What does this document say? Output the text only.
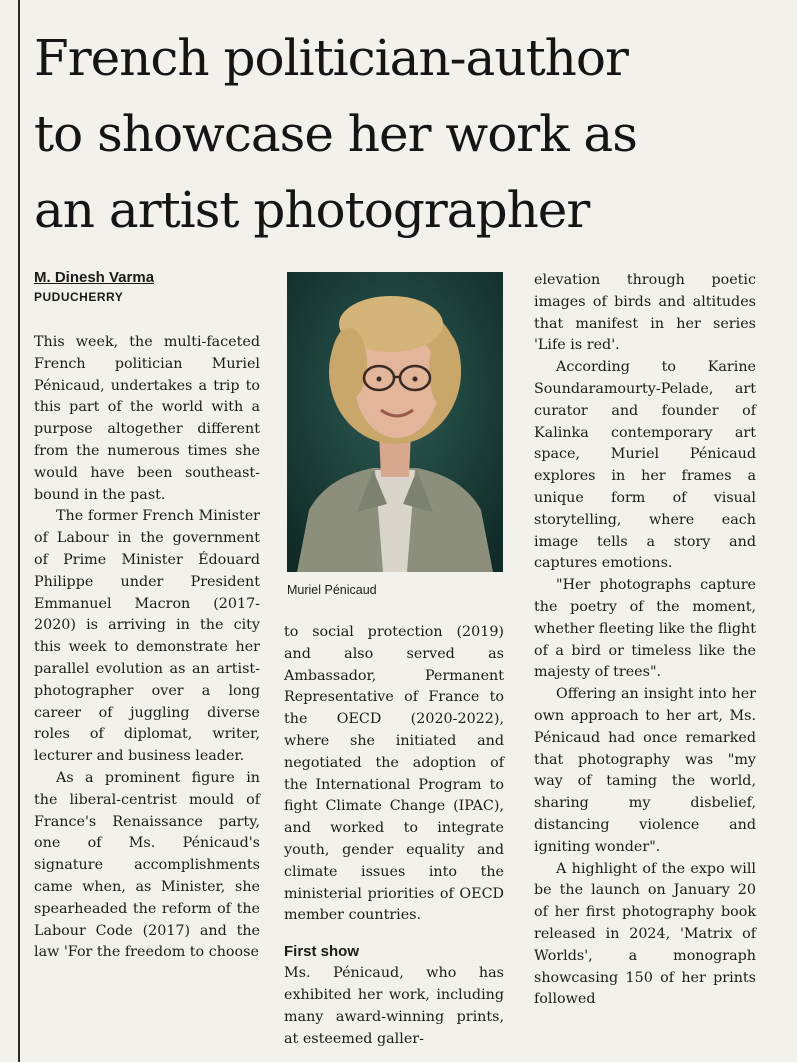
French politician-author
to showcase her work as
an artist photographer

M. Dinesh Varma

PUDUCHERRY

This week, the multi-faceted French politician Muriel Pénicaud, undertakes a trip to this part of the world with a purpose altogether different from the numerous times she would have been southeast-bound in the past.

The former French Minister of Labour in the government of Prime Minister Édouard Philippe under President Emmanuel Macron (2017-2020) is arriving in the city this week to demonstrate her parallel evolution as an artist-photographer over a long career of juggling diverse roles of diplomat, writer, lecturer and business leader.

As a prominent figure in the liberal-centrist mould of France's Renaissance party, one of Ms. Pénicaud's signature accomplishments came when, as Minister, she spearheaded the reform of the Labour Code (2017) and the law 'For the freedom to choose

Muriel Pénicaud

to social protection (2019) and also served as Ambassador, Permanent Representative of France to the OECD (2020-2022), where she initiated and negotiated the adoption of the International Program to fight Climate Change (IPAC), and worked to integrate youth, gender equality and climate issues into the ministerial priorities of OECD member countries.

First show

Ms. Pénicaud, who has exhibited her work, including many award-winning prints, at esteemed galler-

elevation through poetic images of birds and altitudes that manifest in her series 'Life is red'.

According to Karine Soundaramourty-Pelade, art curator and founder of Kalinka contemporary art space, Muriel Pénicaud explores in her frames a unique form of visual storytelling, where each image tells a story and captures emotions.

"Her photographs capture the poetry of the moment, whether fleeting like the flight of a bird or timeless like the majesty of trees".

Offering an insight into her own approach to her art, Ms. Pénicaud had once remarked that photography was "my way of taming the world, sharing my disbelief, distancing violence and igniting wonder".

A highlight of the expo will be the launch on January 20 of her first photography book released in 2024, 'Matrix of Worlds', a monograph showcasing 150 of her prints followed
